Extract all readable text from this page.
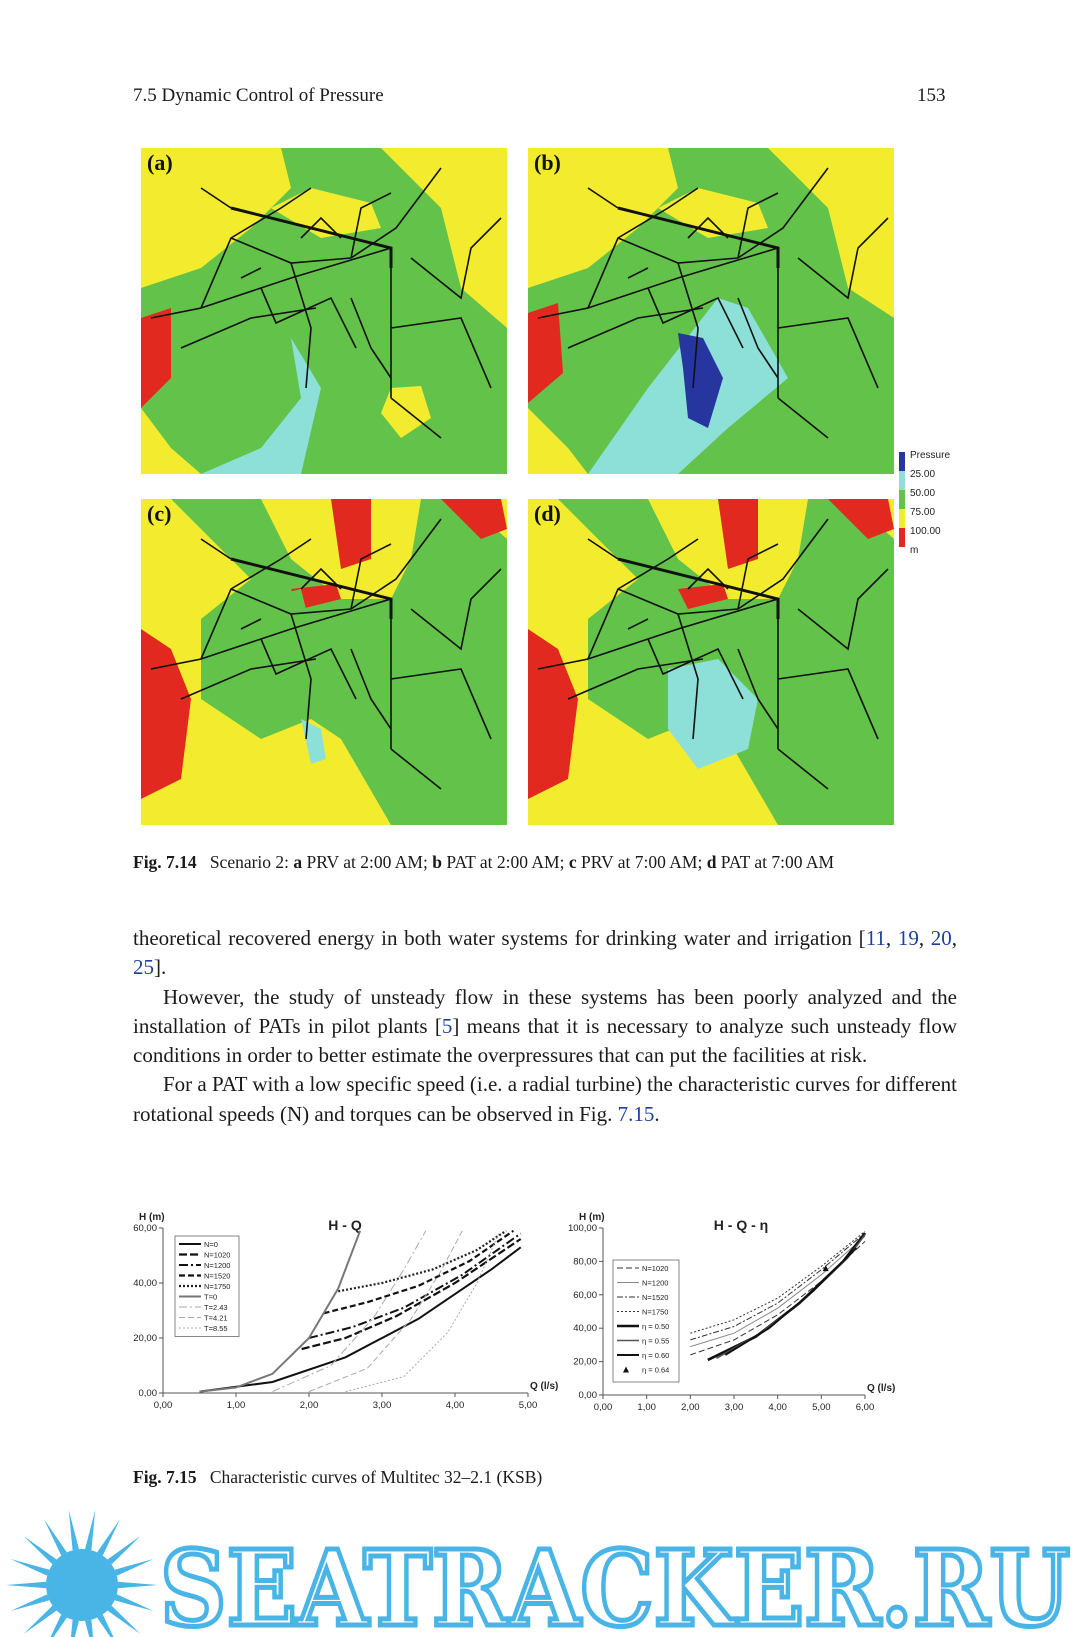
7.5 Dynamic Control of Pressure	153
(a)	(b)
(c)	(d)
Pressure
25.00
50.00
75.00
100.00
m
Fig. 7.14 Scenario 2: a PRV at 2:00 AM; b PAT at 2:00 AM; c PRV at 7:00 AM; d PAT at 7:00 AM

theoretical recovered energy in both water systems for drinking water and irrigation [11, 19, 20, 25].

However, the study of unsteady flow in these systems has been poorly analyzed and the installation of PATs in pilot plants [5] means that it is necessary to analyze such unsteady flow conditions in order to better estimate the overpressures that can put the facilities at risk.

For a PAT with a low specific speed (i.e. a radial turbine) the characteristic curves for different rotational speeds (N) and torques can be observed in Fig. 7.15.

0,00	1,00	2,00	3,00	4,00	5,00
0,00
20,00
40,00
60,00
H (m)
Q (l/s)
H - Q
N=0
N=1020
N=1200
N=1520
N=1750
T=0
T=2.43
T=4.21
T=8.55
0,00	1,00	2,00	3,00	4,00	5,00	6,00
0,00
20,00
40,00
60,00
80,00
100,00
H (m)
Q (l/s)
H - Q - η
N=1020
N=1200
N=1520
N=1750
η = 0.50
η = 0.55
η = 0.60
η = 0.64
Fig. 7.15 Characteristic curves of Multitec 32–2.1 (KSB)
SEATRACKER.RU
